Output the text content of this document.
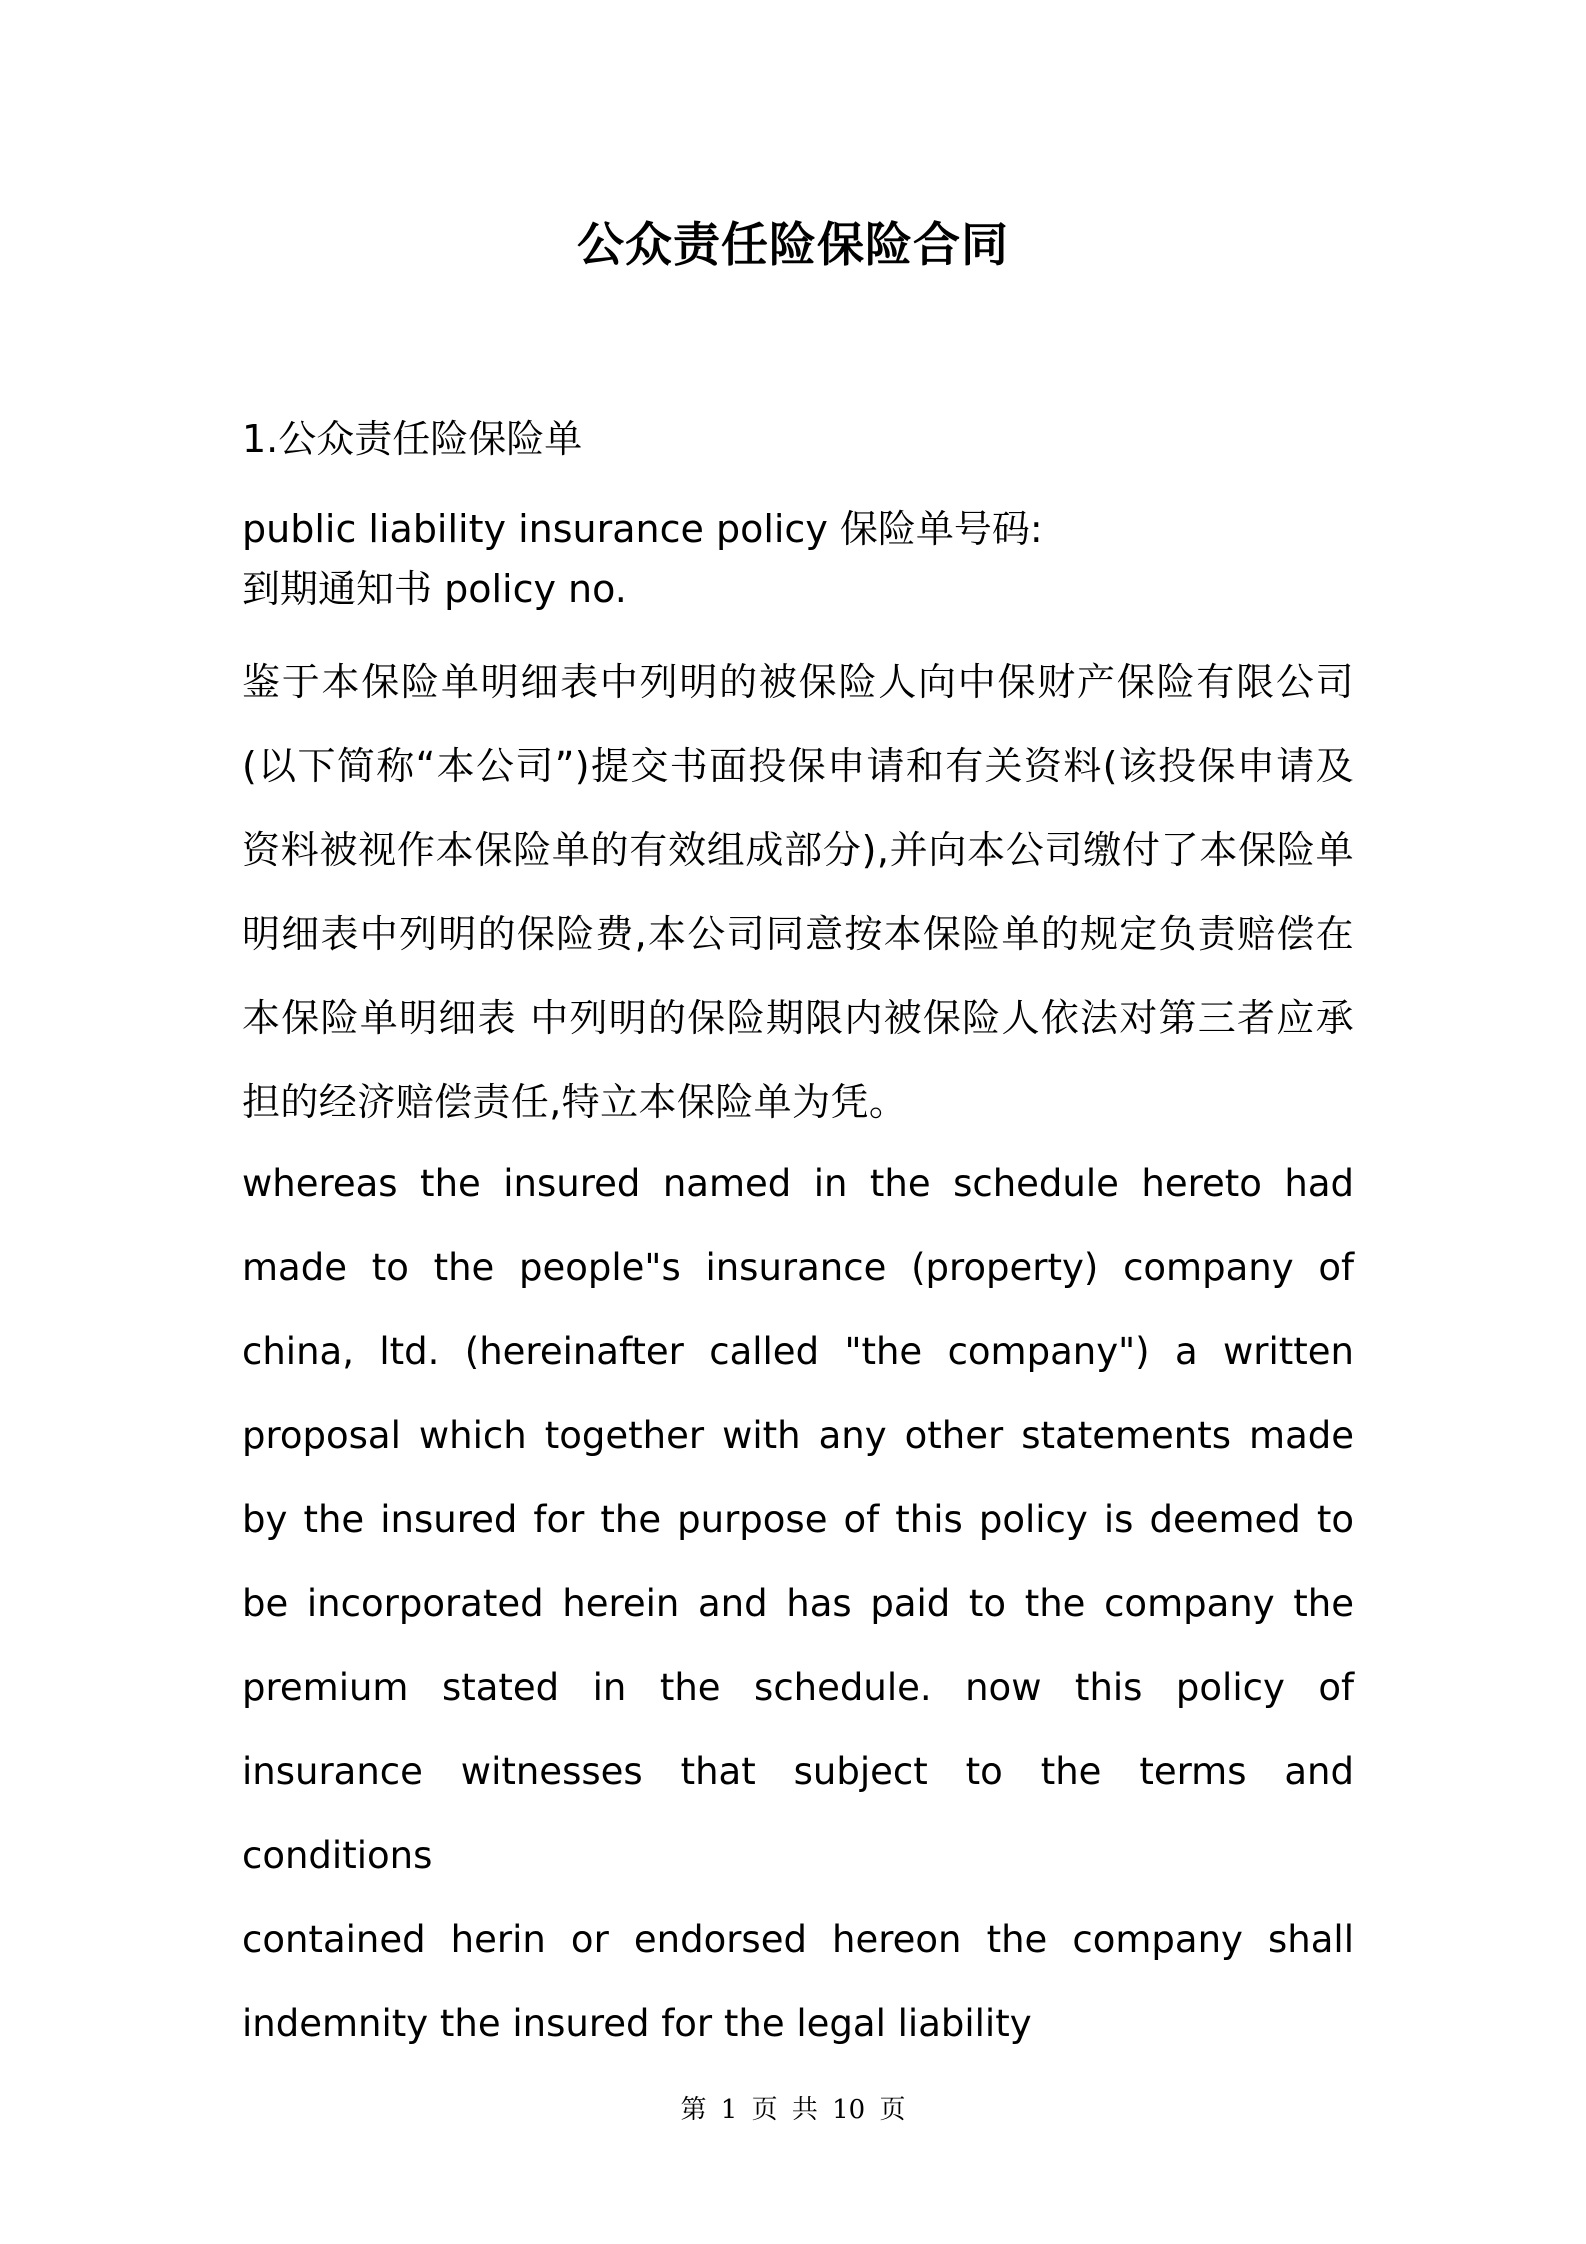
公众责任险保险合同
1.公众责任险保险单
public liability insurance policy 保险单号码:
到期通知书 policy no.

鉴于本保险单明细表中列明的被保险人向中保财产保险有限公司(以下简称“本公司”)提交书面投保申请和有关资料(该投保申请及资料被视作本保险单的有效组成部分),并向本公司缴付了本保险单明细表中列明的保险费,本公司同意按本保险单的规定负责赔偿在本保险单明细表 中列明的保险期限内被保险人依法对第三者应承担的经济赔偿责任,特立本保险单为凭。

whereas the insured named in the schedule hereto had made to the people"s insurance (property) company of china, ltd. (hereinafter called "the company") a written proposal which together with any other statements made by the insured for the purpose of this policy is deemed to be incorporated herein and has paid to the company the premium stated in the schedule. now this policy of insurance witnesses that subject to the terms and conditions

contained herin or endorsed hereon the company shall indemnity the insured for the legal liability

第 1 页 共 10 页
